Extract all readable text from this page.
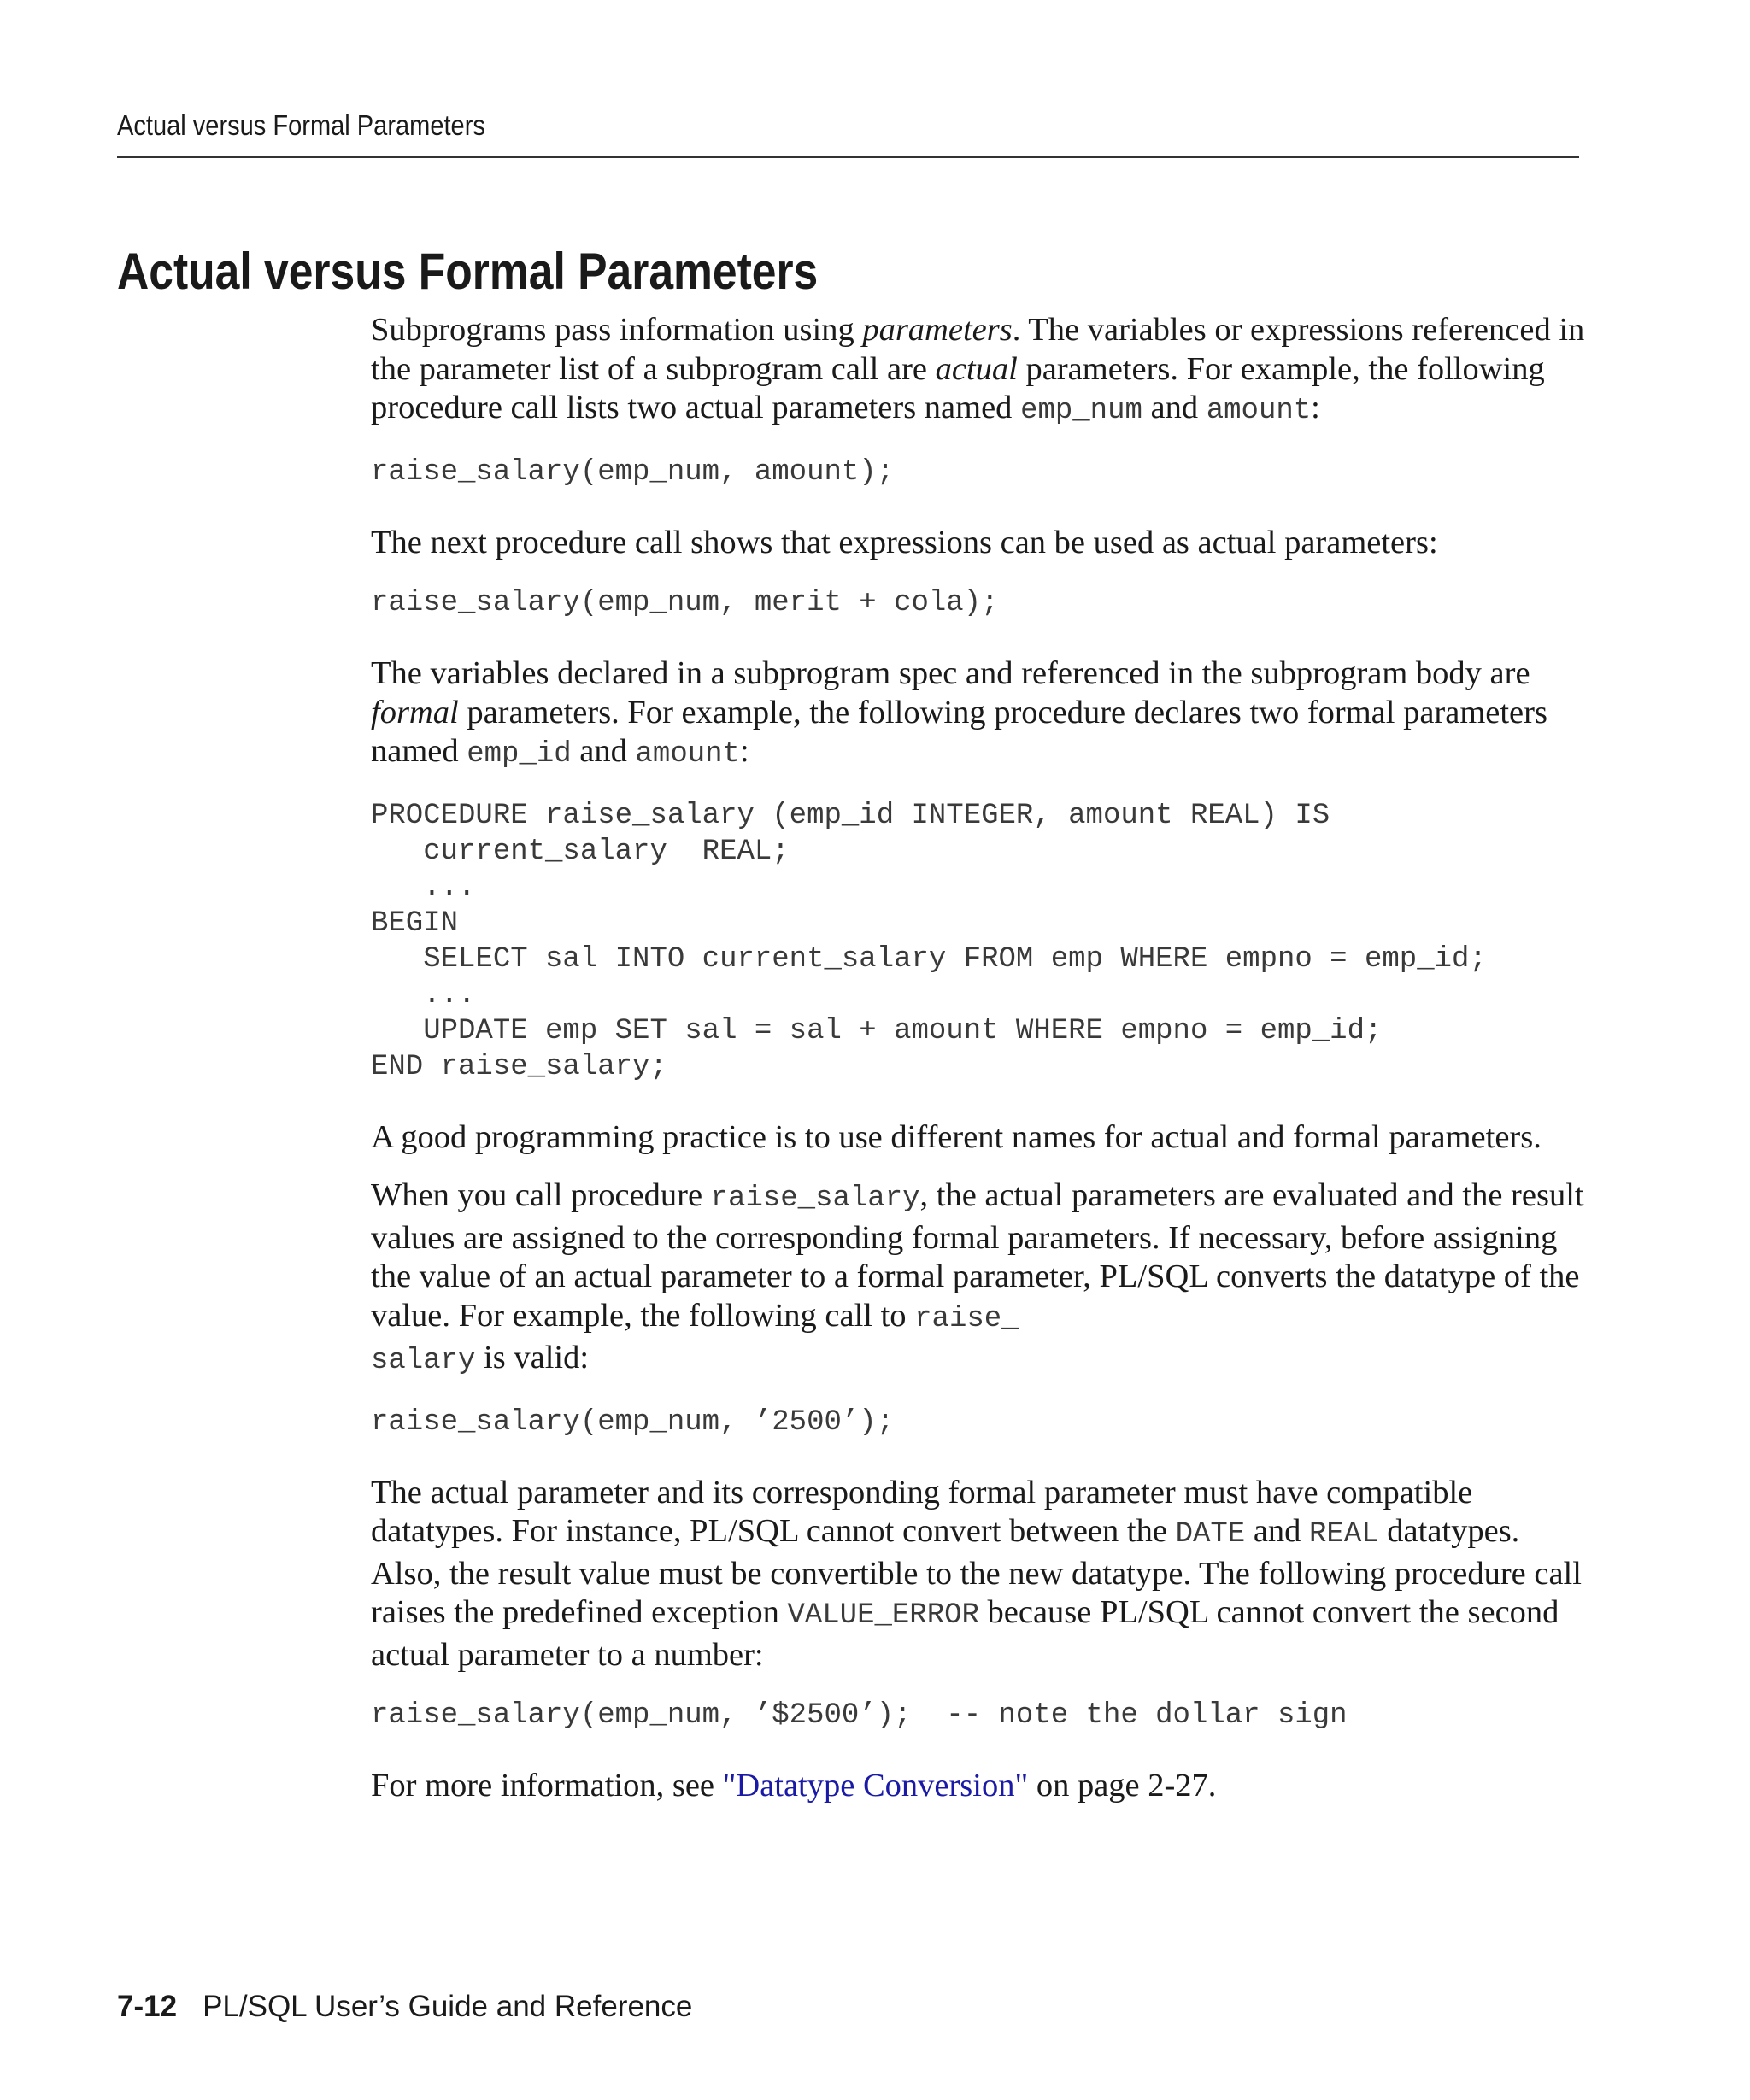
Actual versus Formal Parameters
Actual versus Formal Parameters

Subprograms pass information using parameters. The variables or expressions referenced in the parameter list of a subprogram call are actual parameters. For example, the following procedure call lists two actual parameters named emp_num and amount:

raise_salary(emp_num, amount);

The next procedure call shows that expressions can be used as actual parameters:

raise_salary(emp_num, merit + cola);

The variables declared in a subprogram spec and referenced in the subprogram body are formal parameters. For example, the following procedure declares two formal parameters named emp_id and amount:

PROCEDURE raise_salary (emp_id INTEGER, amount REAL) IS
current_salary  REAL;
...
BEGIN
SELECT sal INTO current_salary FROM emp WHERE empno = emp_id;
...
UPDATE emp SET sal = sal + amount WHERE empno = emp_id;
END raise_salary;

A good programming practice is to use different names for actual and formal parameters.

When you call procedure raise_salary, the actual parameters are evaluated and the result values are assigned to the corresponding formal parameters. If necessary, before assigning the value of an actual parameter to a formal parameter, PL/SQL converts the datatype of the value. For example, the following call to raise_
salary is valid:

raise_salary(emp_num, ’2500’);

The actual parameter and its corresponding formal parameter must have compatible datatypes. For instance, PL/SQL cannot convert between the DATE and REAL datatypes. Also, the result value must be convertible to the new datatype. The following procedure call raises the predefined exception VALUE_ERROR because PL/SQL cannot convert the second actual parameter to a number:

raise_salary(emp_num, ’$2500’);  -- note the dollar sign

For more information, see "Datatype Conversion" on page 2-27.

7-12 PL/SQL User’s Guide and Reference
